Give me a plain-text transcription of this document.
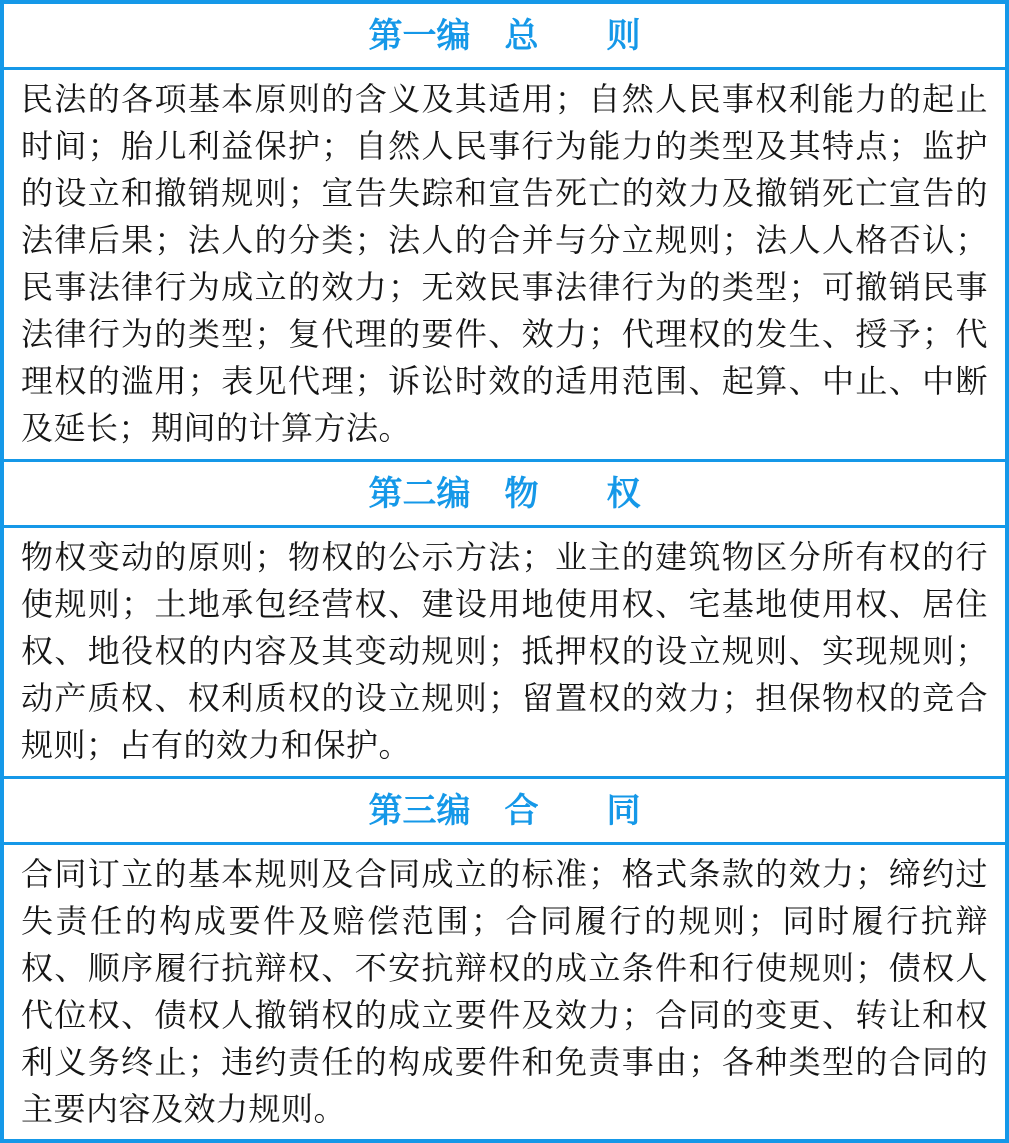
第一编　总　　则
民法的各项基本原则的含义及其适用；自然人民事权利能力的起止时间；胎儿利益保护；自然人民事行为能力的类型及其特点；监护的设立和撤销规则；宣告失踪和宣告死亡的效力及撤销死亡宣告的法律后果；法人的分类；法人的合并与分立规则；法人人格否认；民事法律行为成立的效力；无效民事法律行为的类型；可撤销民事法律行为的类型；复代理的要件、效力；代理权的发生、授予；代理权的滥用；表见代理；诉讼时效的适用范围、起算、中止、中断及延长；期间的计算方法。
第二编　物　　权
物权变动的原则；物权的公示方法；业主的建筑物区分所有权的行使规则；土地承包经营权、建设用地使用权、宅基地使用权、居住权、地役权的内容及其变动规则；抵押权的设立规则、实现规则；动产质权、权利质权的设立规则；留置权的效力；担保物权的竞合规则；占有的效力和保护。
第三编　合　　同
合同订立的基本规则及合同成立的标准；格式条款的效力；缔约过失责任的构成要件及赔偿范围；合同履行的规则；同时履行抗辩权、顺序履行抗辩权、不安抗辩权的成立条件和行使规则；债权人代位权、债权人撤销权的成立要件及效力；合同的变更、转让和权利义务终止；违约责任的构成要件和免责事由；各种类型的合同的主要内容及效力规则。
